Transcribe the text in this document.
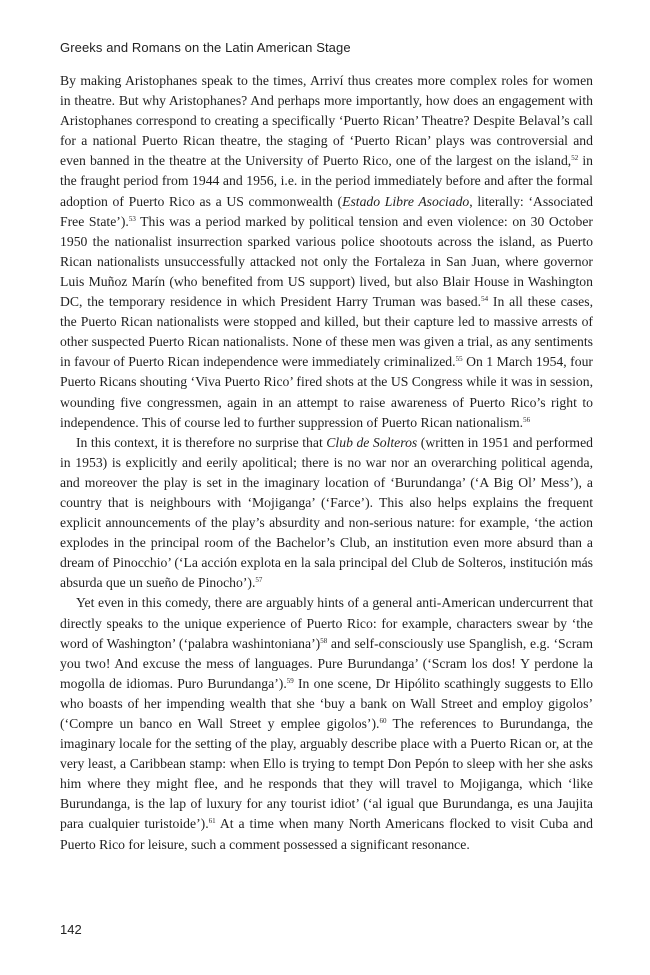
Greeks and Romans on the Latin American Stage

By making Aristophanes speak to the times, Arriví thus creates more complex roles for women in theatre. But why Aristophanes? And perhaps more importantly, how does an engagement with Aristophanes correspond to creating a specifically ‘Puerto Rican’ Theatre? Despite Belaval’s call for a national Puerto Rican theatre, the staging of ‘Puerto Rican’ plays was controversial and even banned in the theatre at the University of Puerto Rico, one of the largest on the island,$^{52}$ in the fraught period from 1944 and 1956, i.e. in the period immediately before and after the formal adoption of Puerto Rico as a US commonwealth (Estado Libre Asociado, literally: ‘Associated Free State’).$^{53}$ This was a period marked by political tension and even violence: on 30 October 1950 the nationalist insurrection sparked various police shootouts across the island, as Puerto Rican nationalists unsuccessfully attacked not only the Fortaleza in San Juan, where governor Luis Muñoz Marín (who benefited from US support) lived, but also Blair House in Washington DC, the temporary residence in which President Harry Truman was based.$^{54}$ In all these cases, the Puerto Rican nationalists were stopped and killed, but their capture led to massive arrests of other suspected Puerto Rican nationalists. None of these men was given a trial, as any sentiments in favour of Puerto Rican independence were immediately criminalized.$^{55}$ On 1 March 1954, four Puerto Ricans shouting ‘Viva Puerto Rico’ fired shots at the US Congress while it was in session, wounding five congressmen, again in an attempt to raise awareness of Puerto Rico’s right to independence. This of course led to further suppression of Puerto Rican nationalism.$^{56}$

In this context, it is therefore no surprise that Club de Solteros (written in 1951 and performed in 1953) is explicitly and eerily apolitical; there is no war nor an overarching political agenda, and moreover the play is set in the imaginary location of ‘Burundanga’ (‘A Big Ol’ Mess’), a country that is neighbours with ‘Mojiganga’ (‘Farce’). This also helps explains the frequent explicit announcements of the play’s absurdity and non-serious nature: for example, ‘the action explodes in the principal room of the Bachelor’s Club, an institution even more absurd than a dream of Pinocchio’ (‘La acción explota en la sala principal del Club de Solteros, institución más absurda que un sueño de Pinocho’).$^{57}$

Yet even in this comedy, there are arguably hints of a general anti-American undercurrent that directly speaks to the unique experience of Puerto Rico: for example, characters swear by ‘the word of Washington’ (‘palabra washintoniana’)$^{58}$ and self-consciously use Spanglish, e.g. ‘Scram you two! And excuse the mess of languages. Pure Burundanga’ (‘Scram los dos! Y perdone la mogolla de idiomas. Puro Burundanga’).$^{59}$ In one scene, Dr Hipólito scathingly suggests to Ello who boasts of her impending wealth that she ‘buy a bank on Wall Street and employ gigolos’ (‘Compre un banco en Wall Street y emplee gigolos’).$^{60}$ The references to Burundanga, the imaginary locale for the setting of the play, arguably describe place with a Puerto Rican or, at the very least, a Caribbean stamp: when Ello is trying to tempt Don Pepón to sleep with her she asks him where they might flee, and he responds that they will travel to Mojiganga, which ‘like Burundanga, is the lap of luxury for any tourist idiot’ (‘al igual que Burundanga, es una Jaujita para cualquier turistoide’).$^{61}$ At a time when many North Americans flocked to visit Cuba and Puerto Rico for leisure, such a comment possessed a significant resonance.

142
